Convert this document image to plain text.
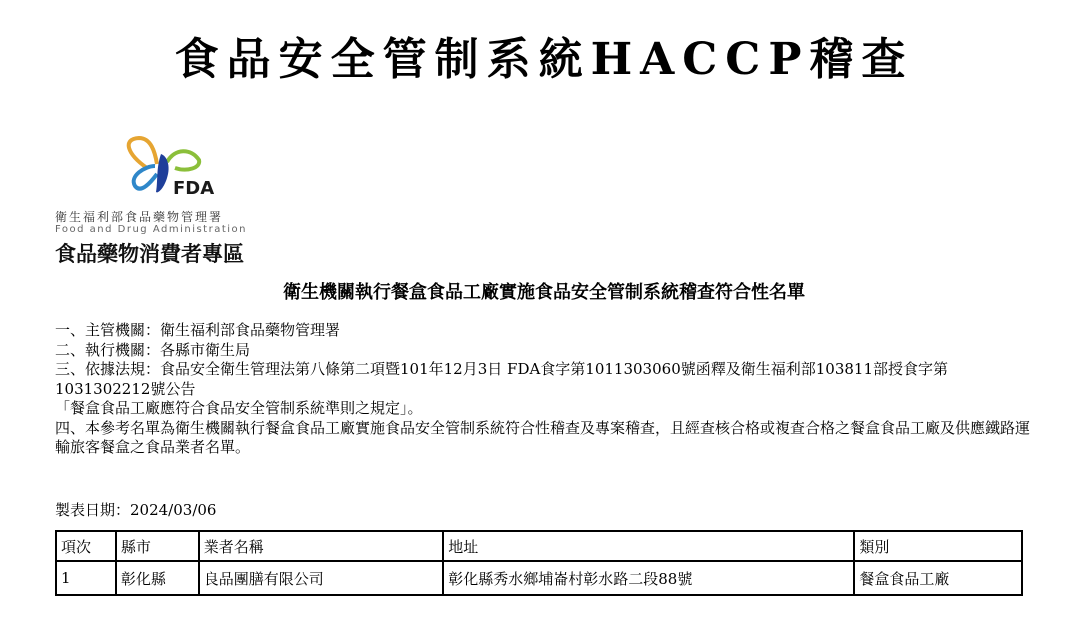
食品安全管制系統HACCP稽查
FDA
衛生福利部食品藥物管理署
Food and Drug Administration
食品藥物消費者專區
衛生機關執行餐盒食品工廠實施食品安全管制系統稽查符合性名單
一、主管機關：衛生福利部食品藥物管理署
二、執行機關：各縣市衛生局
三、依據法規：食品安全衛生管理法第八條第二項暨101年12月3日 FDA食字第1011303060號函釋及衛生福利部103811部授食字第1031302212號公告
「餐盒食品工廠應符合食品安全管制系統準則之規定」。
四、本參考名單為衛生機關執行餐盒食品工廠實施食品安全管制系統符合性稽查及專案稽查，且經查核合格或複查合格之餐盒食品工廠及供應鐵路運輸旅客餐盒之食品業者名單。
製表日期：2024/03/06
項次	縣市	業者名稱	地址	類別
1	彰化縣	良品團膳有限公司	彰化縣秀水鄉埔崙村彰水路二段88號	餐盒食品工廠
